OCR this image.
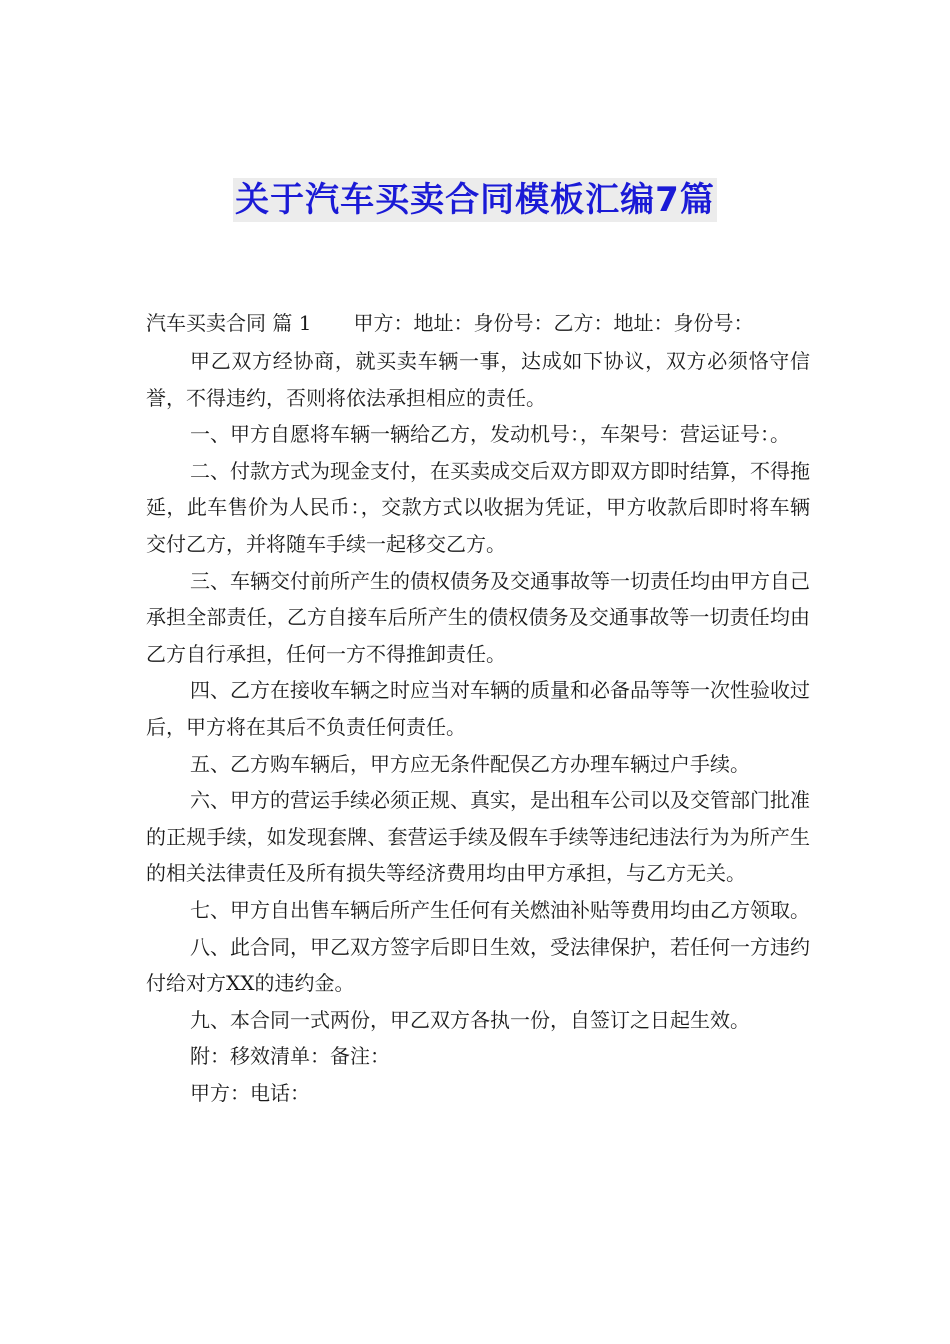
关于汽车买卖合同模板汇编7篇
汽车买卖合同 篇 1 甲方：地址：身份号：乙方：地址：身份号：

甲乙双方经协商，就买卖车辆一事，达成如下协议，双方必须恪守信誉，不得违约，否则将依法承担相应的责任。

一、甲方自愿将车辆一辆给乙方，发动机号：，车架号：营运证号：。

二、付款方式为现金支付，在买卖成交后双方即双方即时结算，不得拖延，此车售价为人民币：，交款方式以收据为凭证，甲方收款后即时将车辆交付乙方，并将随车手续一起移交乙方。

三、车辆交付前所产生的债权债务及交通事故等一切责任均由甲方自己承担全部责任，乙方自接车后所产生的债权债务及交通事故等一切责任均由乙方自行承担，任何一方不得推卸责任。

四、乙方在接收车辆之时应当对车辆的质量和必备品等等一次性验收过后，甲方将在其后不负责任何责任。

五、乙方购车辆后，甲方应无条件配俣乙方办理车辆过户手续。

六、甲方的营运手续必须正规、真实，是出租车公司以及交管部门批准的正规手续，如发现套牌、套营运手续及假车手续等违纪违法行为为所产生的相关法律责任及所有损失等经济费用均由甲方承担，与乙方无关。

七、甲方自出售车辆后所产生任何有关燃油补贴等费用均由乙方领取。

八、此合同，甲乙双方签字后即日生效，受法律保护，若任何一方违约付给对方XX的违约金。

九、本合同一式两份，甲乙双方各执一份，自签订之日起生效。

附：移效清单：备注：

甲方：电话：
